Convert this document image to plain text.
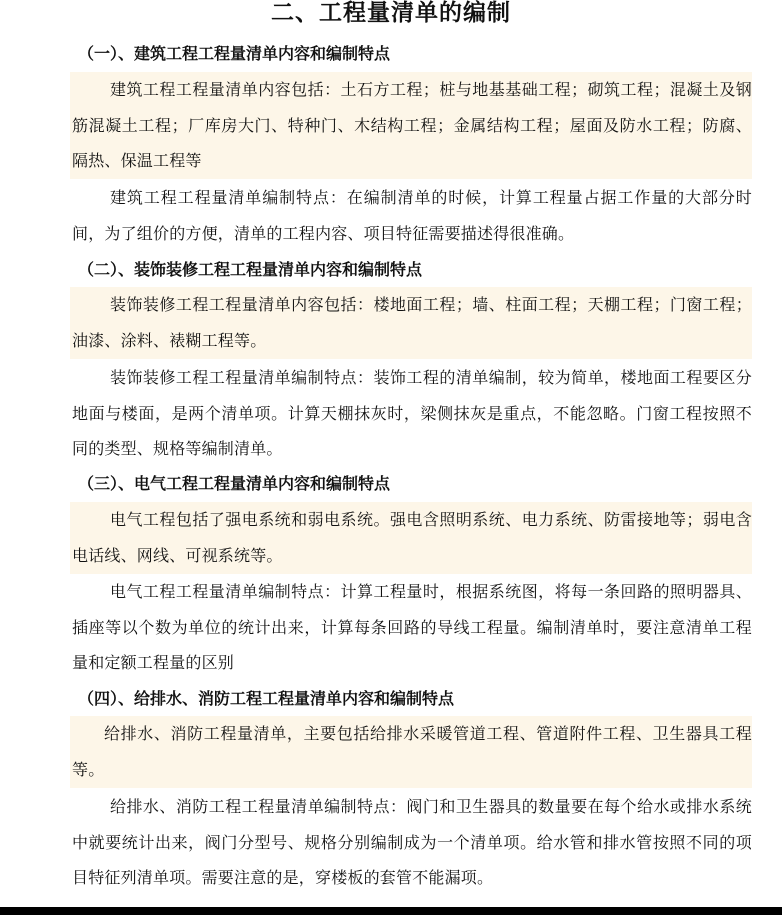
二、工程量清单的编制
（一）、建筑工程工程量清单内容和编制特点
建筑工程工程量清单内容包括：土石方工程；桩与地基基础工程；砌筑工程；混凝土及钢筋混凝土工程；厂库房大门、特种门、木结构工程；金属结构工程；屋面及防水工程；防腐、隔热、保温工程等
建筑工程工程量清单编制特点：在编制清单的时候，计算工程量占据工作量的大部分时间，为了组价的方便，清单的工程内容、项目特征需要描述得很准确。
（二）、装饰装修工程工程量清单内容和编制特点
装饰装修工程工程量清单内容包括：楼地面工程；墙、柱面工程；天棚工程；门窗工程；油漆、涂料、裱糊工程等。
装饰装修工程工程量清单编制特点：装饰工程的清单编制，较为简单，楼地面工程要区分地面与楼面，是两个清单项。计算天棚抹灰时，梁侧抹灰是重点，不能忽略。门窗工程按照不同的类型、规格等编制清单。
（三）、电气工程工程量清单内容和编制特点
电气工程包括了强电系统和弱电系统。强电含照明系统、电力系统、防雷接地等；弱电含电话线、网线、可视系统等。
电气工程工程量清单编制特点：计算工程量时，根据系统图，将每一条回路的照明器具、插座等以个数为单位的统计出来，计算每条回路的导线工程量。编制清单时，要注意清单工程量和定额工程量的区别
（四）、给排水、消防工程工程量清单内容和编制特点
给排水、消防工程量清单，主要包括给排水采暖管道工程、管道附件工程、卫生器具工程等。
给排水、消防工程工程量清单编制特点：阀门和卫生器具的数量要在每个给水或排水系统中就要统计出来，阀门分型号、规格分别编制成为一个清单项。给水管和排水管按照不同的项目特征列清单项。需要注意的是，穿楼板的套管不能漏项。
